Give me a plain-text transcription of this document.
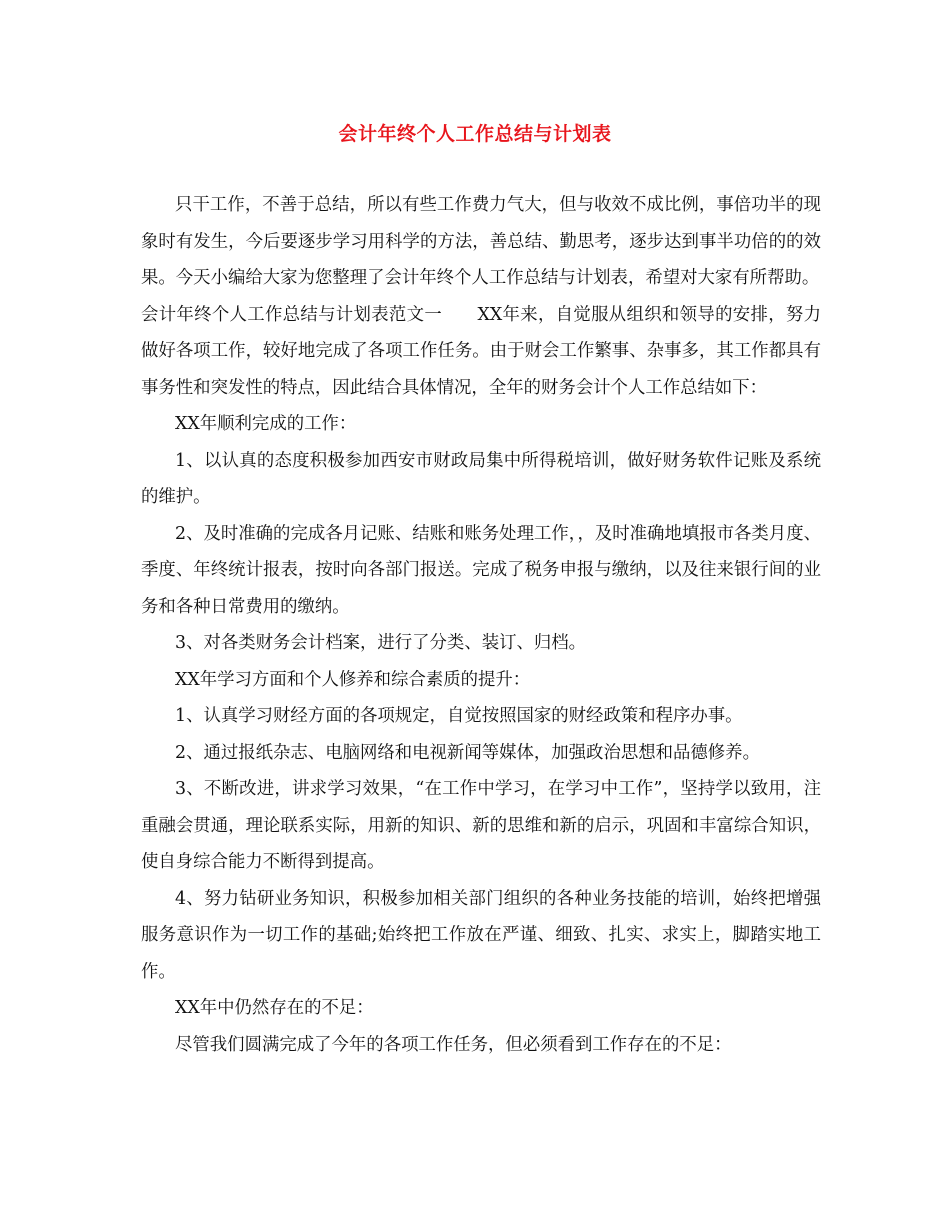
会计年终个人工作总结与计划表

只干工作，不善于总结，所以有些工作费力气大，但与收效不成比例，事倍功半的现象时有发生，今后要逐步学习用科学的方法，善总结、勤思考，逐步达到事半功倍的的效果。今天小编给大家为您整理了会计年终个人工作总结与计划表，希望对大家有所帮助。

会计年终个人工作总结与计划表范文一　　XX年来，自觉服从组织和领导的安排，努力做好各项工作，较好地完成了各项工作任务。由于财会工作繁事、杂事多，其工作都具有事务性和突发性的特点，因此结合具体情况，全年的财务会计个人工作总结如下：

XX年顺利完成的工作：

1、以认真的态度积极参加西安市财政局集中所得税培训，做好财务软件记账及系统的维护。

2、及时准确的完成各月记账、结账和账务处理工作，，及时准确地填报市各类月度、季度、年终统计报表，按时向各部门报送。完成了税务申报与缴纳，以及往来银行间的业务和各种日常费用的缴纳。

3、对各类财务会计档案，进行了分类、装订、归档。

XX年学习方面和个人修养和综合素质的提升：

1、认真学习财经方面的各项规定，自觉按照国家的财经政策和程序办事。

2、通过报纸杂志、电脑网络和电视新闻等媒体，加强政治思想和品德修养。

3、不断改进，讲求学习效果，“在工作中学习，在学习中工作”，坚持学以致用，注重融会贯通，理论联系实际，用新的知识、新的思维和新的启示，巩固和丰富综合知识，使自身综合能力不断得到提高。

4、努力钻研业务知识，积极参加相关部门组织的各种业务技能的培训，始终把增强服务意识作为一切工作的基础;始终把工作放在严谨、细致、扎实、求实上，脚踏实地工作。

XX年中仍然存在的不足：

尽管我们圆满完成了今年的各项工作任务，但必须看到工作存在的不足：
